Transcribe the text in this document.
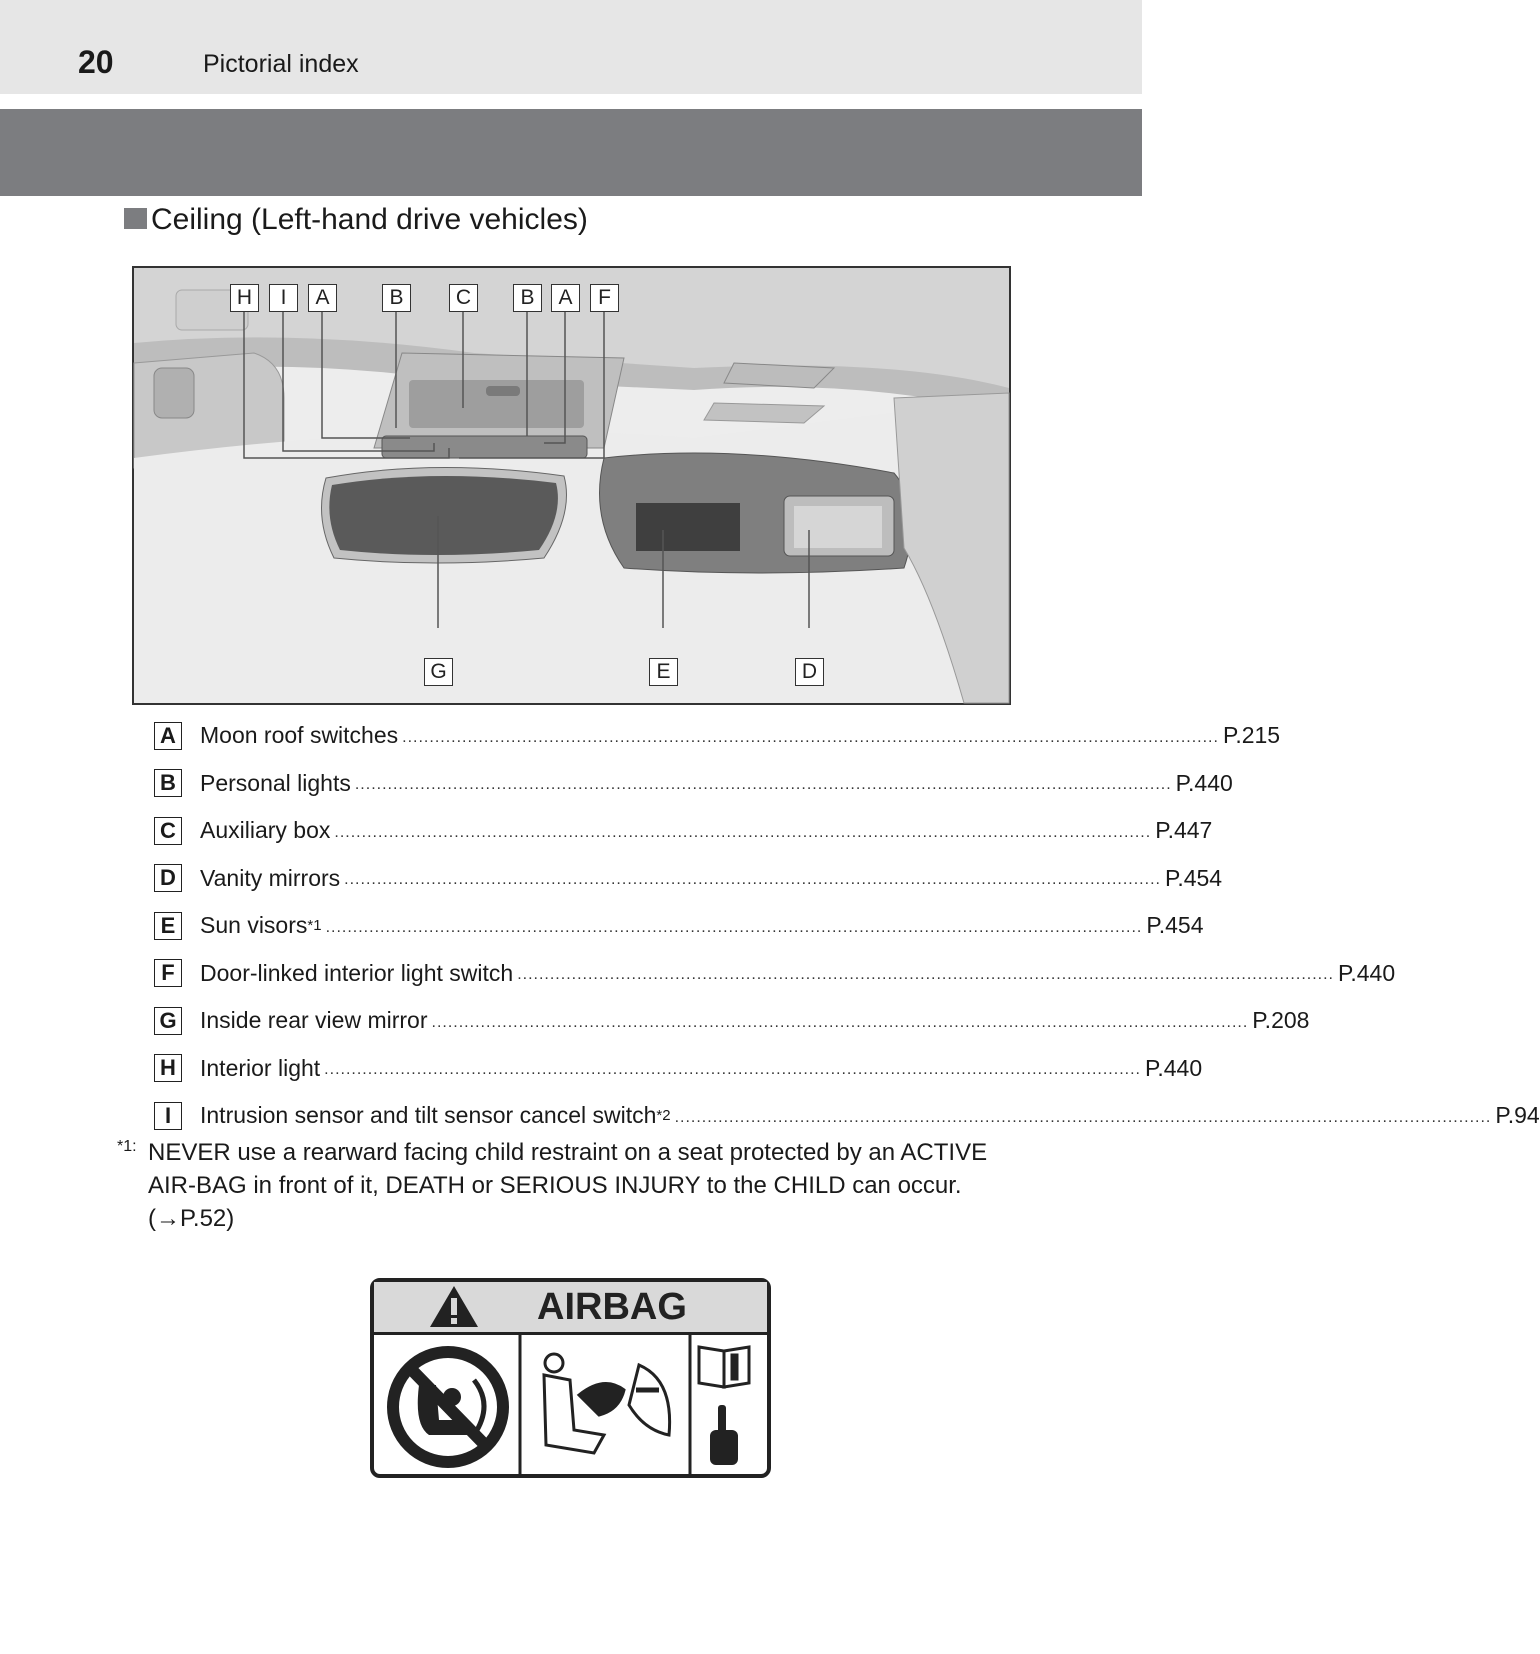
20	Pictorial index
Ceiling (Left-hand drive vehicles)
H	I	A	B	C	B	A	F
G	E	D
A Moon roof switches ...................................................................................................................................................... P.215
B Personal lights ...................................................................................................................................................... P.440
C Auxiliary box ...................................................................................................................................................... P.447
D Vanity mirrors ...................................................................................................................................................... P.454
E Sun visors *1 ...................................................................................................................................................... P.454
F	Door-linked interior light switch ...................................................................................................................................................... P.440
G Inside rear view mirror ...................................................................................................................................................... P.208
H Interior light ...................................................................................................................................................... P.440
I	Intrusion sensor and tilt sensor cancel switch *2 ...................................................................................................................................................... P.94
*1: NEVER use a rearward facing child restraint on a seat protected by an ACTIVE AIR-BAG in front of it, DEATH or SERIOUS INJURY to the CHILD can occur. (→P.52)
AIRBAG
